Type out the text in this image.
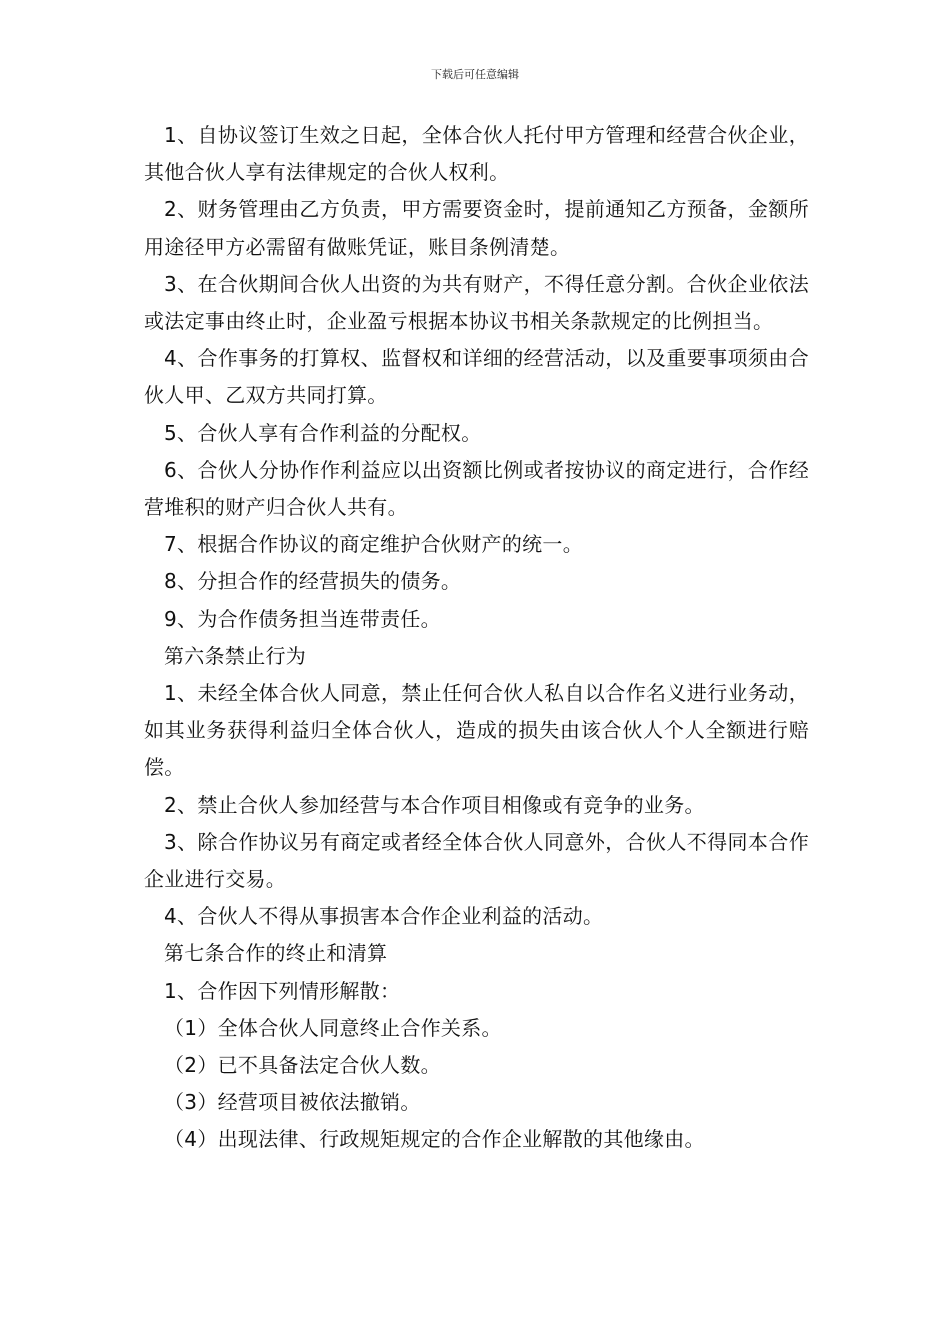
下载后可任意编辑

1、自协议签订生效之日起，全体合伙人托付甲方管理和经营合伙企业，其他合伙人享有法律规定的合伙人权利。

2、财务管理由乙方负责，甲方需要资金时，提前通知乙方预备，金额所用途径甲方必需留有做账凭证，账目条例清楚。

3、在合伙期间合伙人出资的为共有财产，不得任意分割。合伙企业依法或法定事由终止时，企业盈亏根据本协议书相关条款规定的比例担当。

4、合作事务的打算权、监督权和详细的经营活动，以及重要事项须由合伙人甲、乙双方共同打算。

5、合伙人享有合作利益的分配权。

6、合伙人分协作作利益应以出资额比例或者按协议的商定进行，合作经营堆积的财产归合伙人共有。

7、根据合作协议的商定维护合伙财产的统一。

8、分担合作的经营损失的债务。

9、为合作债务担当连带责任。

第六条禁止行为

1、未经全体合伙人同意，禁止任何合伙人私自以合作名义进行业务动，如其业务获得利益归全体合伙人，造成的损失由该合伙人个人全额进行赔偿。

2、禁止合伙人参加经营与本合作项目相像或有竞争的业务。

3、除合作协议另有商定或者经全体合伙人同意外，合伙人不得同本合作企业进行交易。

4、合伙人不得从事损害本合作企业利益的活动。

第七条合作的终止和清算

1、合作因下列情形解散：

（1）全体合伙人同意终止合作关系。

（2）已不具备法定合伙人数。

（3）经营项目被依法撤销。

（4）出现法律、行政规矩规定的合作企业解散的其他缘由。
